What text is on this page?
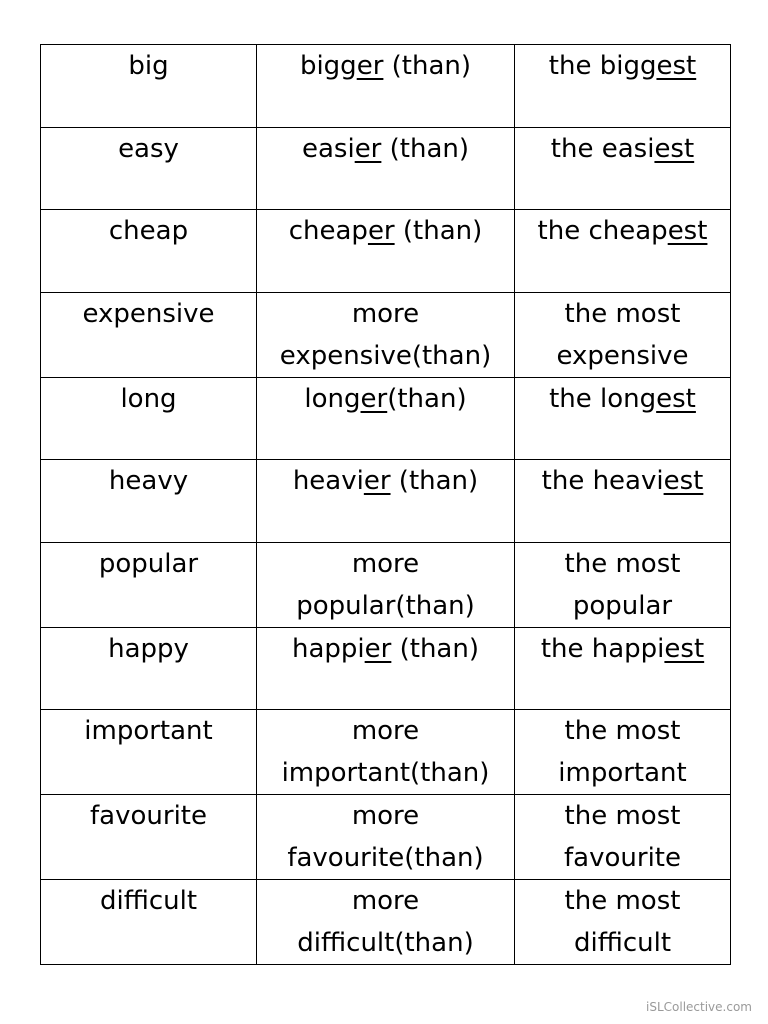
big	bigger (than)	the biggest
easy	easier (than)	the easiest
cheap	cheaper (than)	the cheapest
expensive	more expensive(than)	the most expensive
long	longer(than)	the longest
heavy	heavier (than)	the heaviest
popular	more popular(than)	the most popular
happy	happier (than)	the happiest
important	more important(than)	the most important
favourite	more favourite(than)	the most favourite
difficult	more difficult(than)	the most difficult
iSLCollective.com
